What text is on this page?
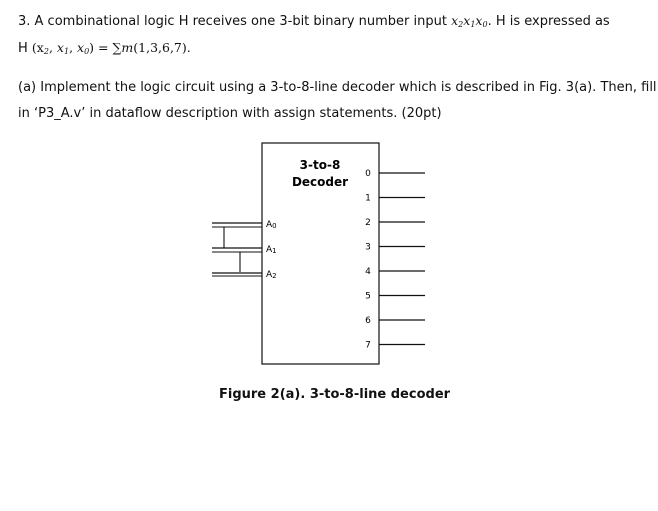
3. A combinational logic H receives one 3-bit binary number input $x_2x_1x_0$. H is expressed as
H ($x_2$, $x_1$, $x_0) = \sum m(1,3,6,7)$.
(a) Implement the logic circuit using a 3-to-8-line decoder which is described in Fig. 3(a). Then, fill
in ‘P3_A.v’ in dataflow description with assign statements. (20pt)
3-to-8
Decoder
A0
A1
A2
0
1
2
3
4
5
6
7
Figure 2(a). 3-to-8-line decoder
